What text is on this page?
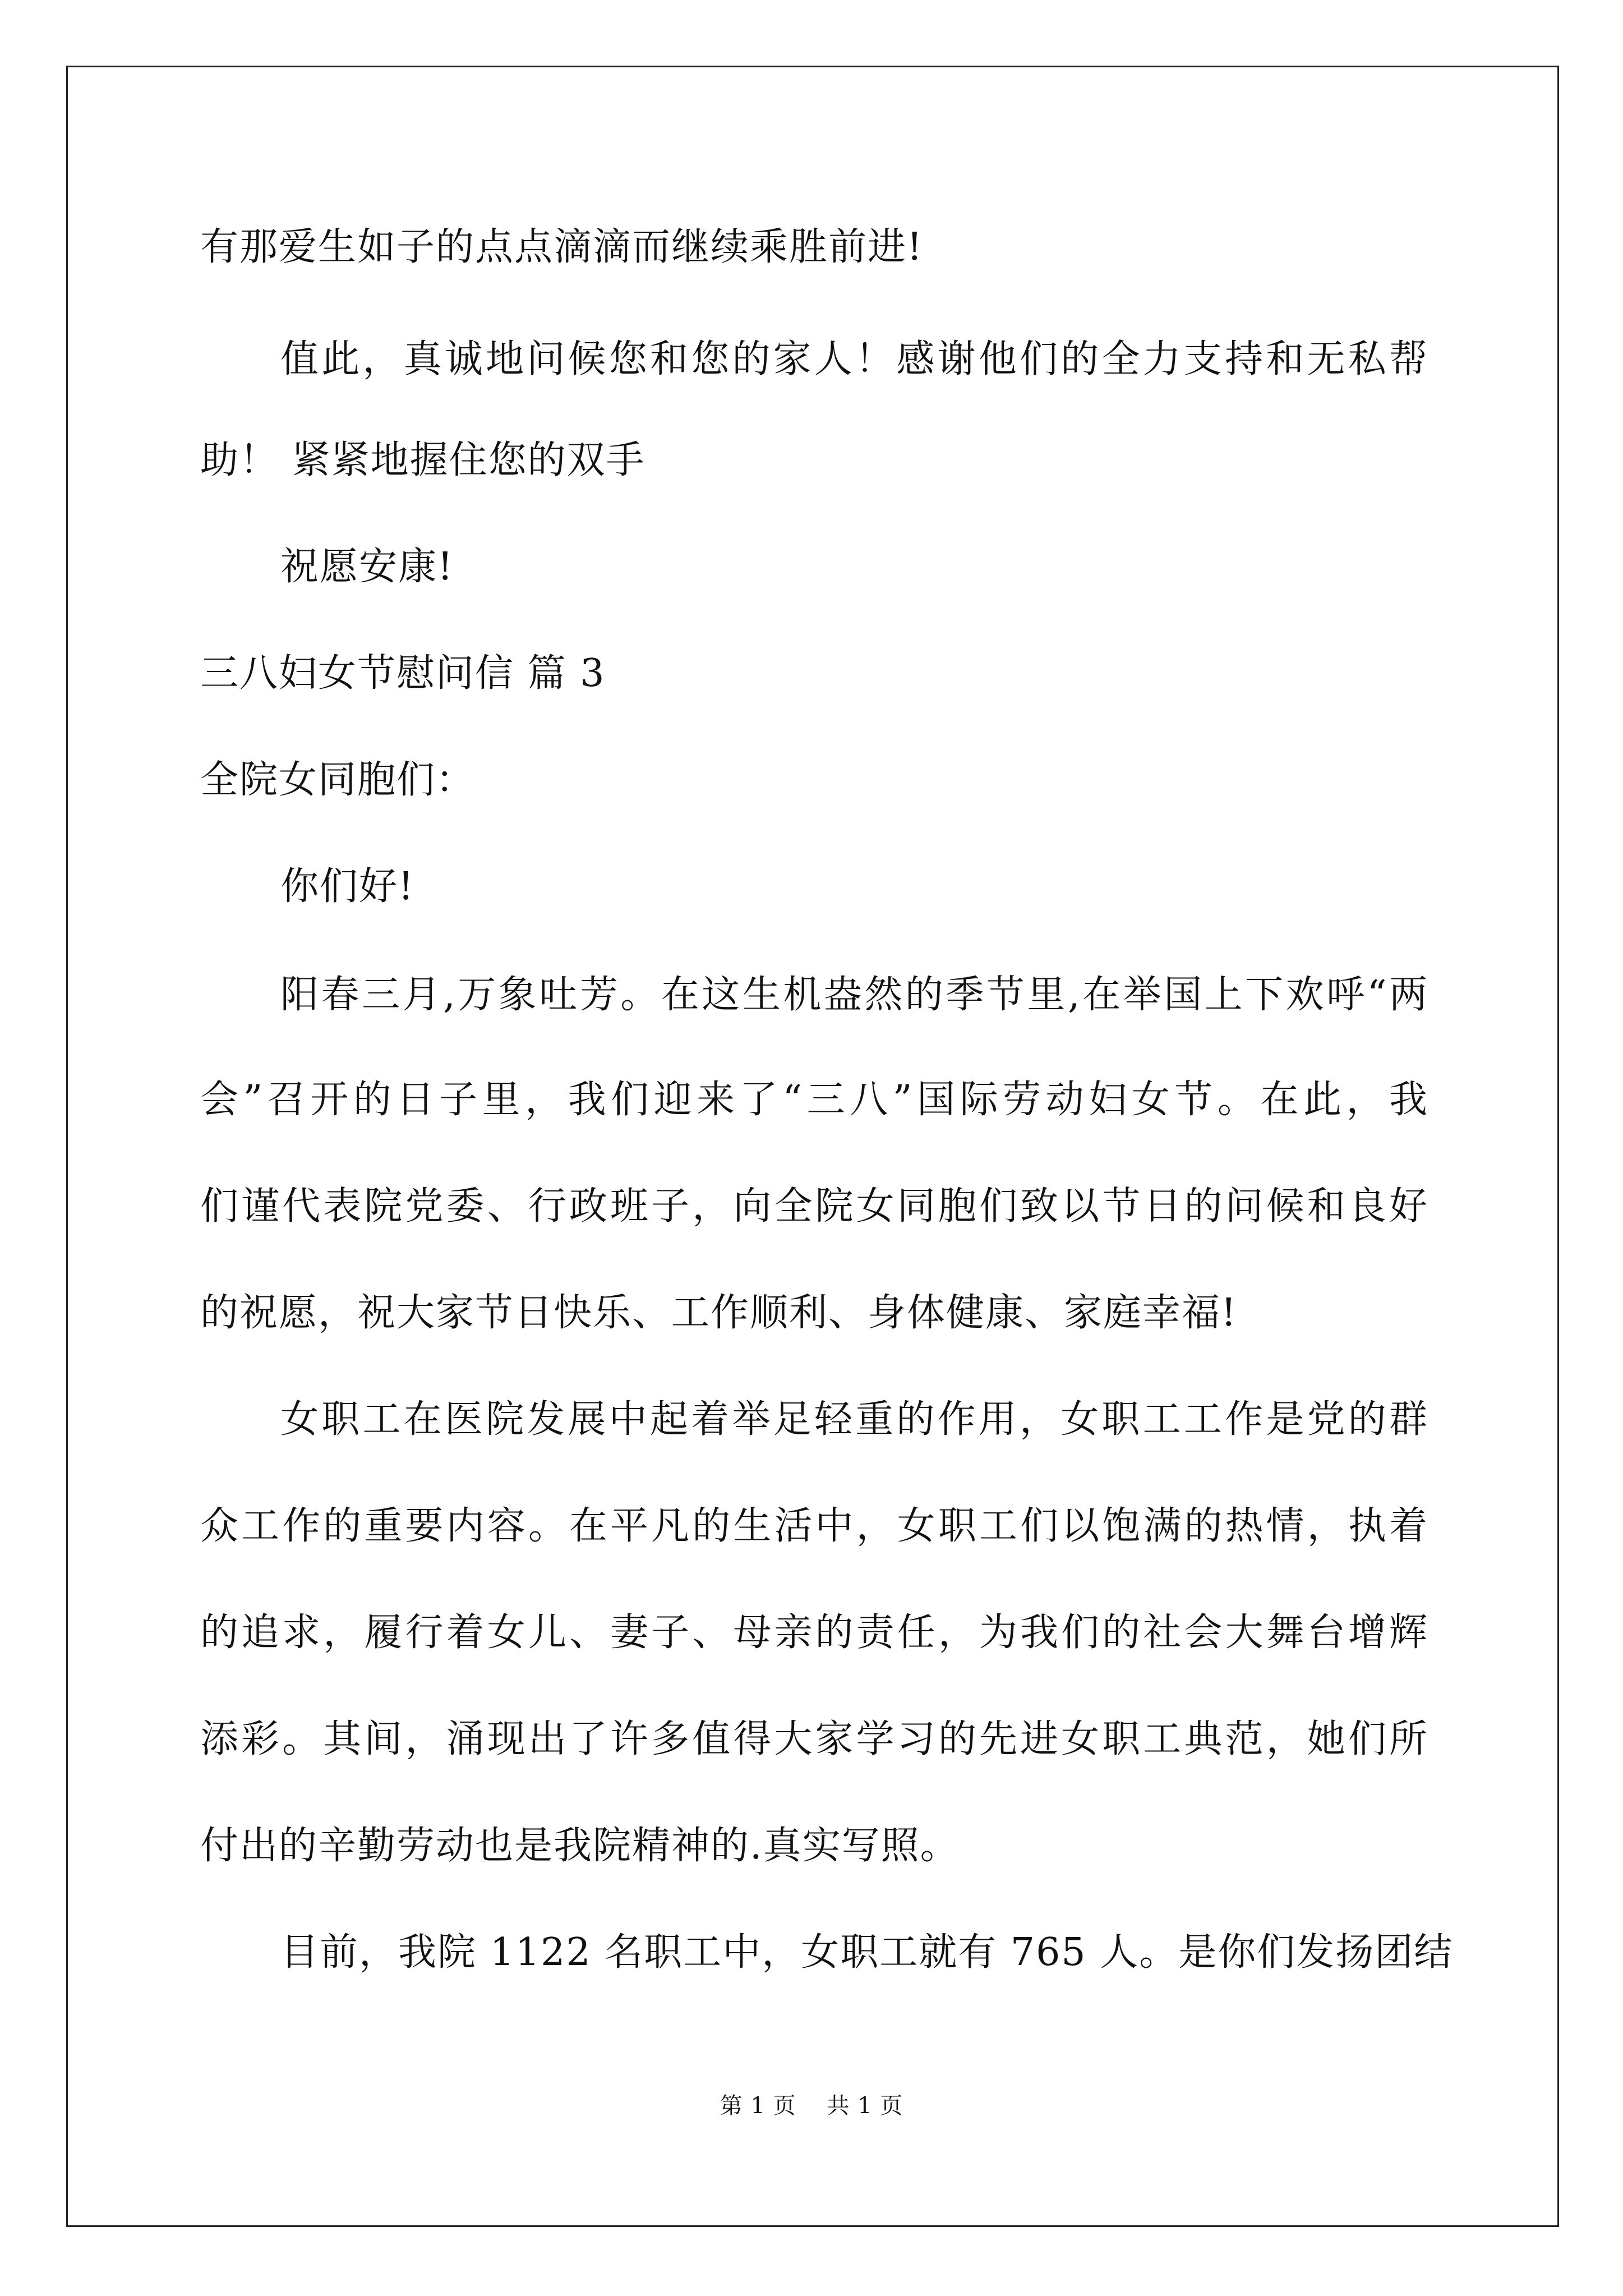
有那爱生如子的点点滴滴而继续乘胜前进!
值此，真诚地问候您和您的家人！感谢他们的全力支持和无私帮
助！ 紧紧地握住您的双手
祝愿安康!
三八妇女节慰问信 篇 3
全院女同胞们：
你们好!
阳春三月,万象吐芳。在这生机盎然的季节里,在举国上下欢呼“两
会”召开的日子里，我们迎来了“三八”国际劳动妇女节。在此，我
们谨代表院党委、行政班子，向全院女同胞们致以节日的问候和良好
的祝愿，祝大家节日快乐、工作顺利、身体健康、家庭幸福!
女职工在医院发展中起着举足轻重的作用，女职工工作是党的群
众工作的重要内容。在平凡的生活中，女职工们以饱满的热情，执着
的追求，履行着女儿、妻子、母亲的责任，为我们的社会大舞台增辉
添彩。其间，涌现出了许多值得大家学习的先进女职工典范，她们所
付出的辛勤劳动也是我院精神的.真实写照。
目前，我院 1122 名职工中，女职工就有 765 人。是你们发扬团结
第 1 页    共 1 页
